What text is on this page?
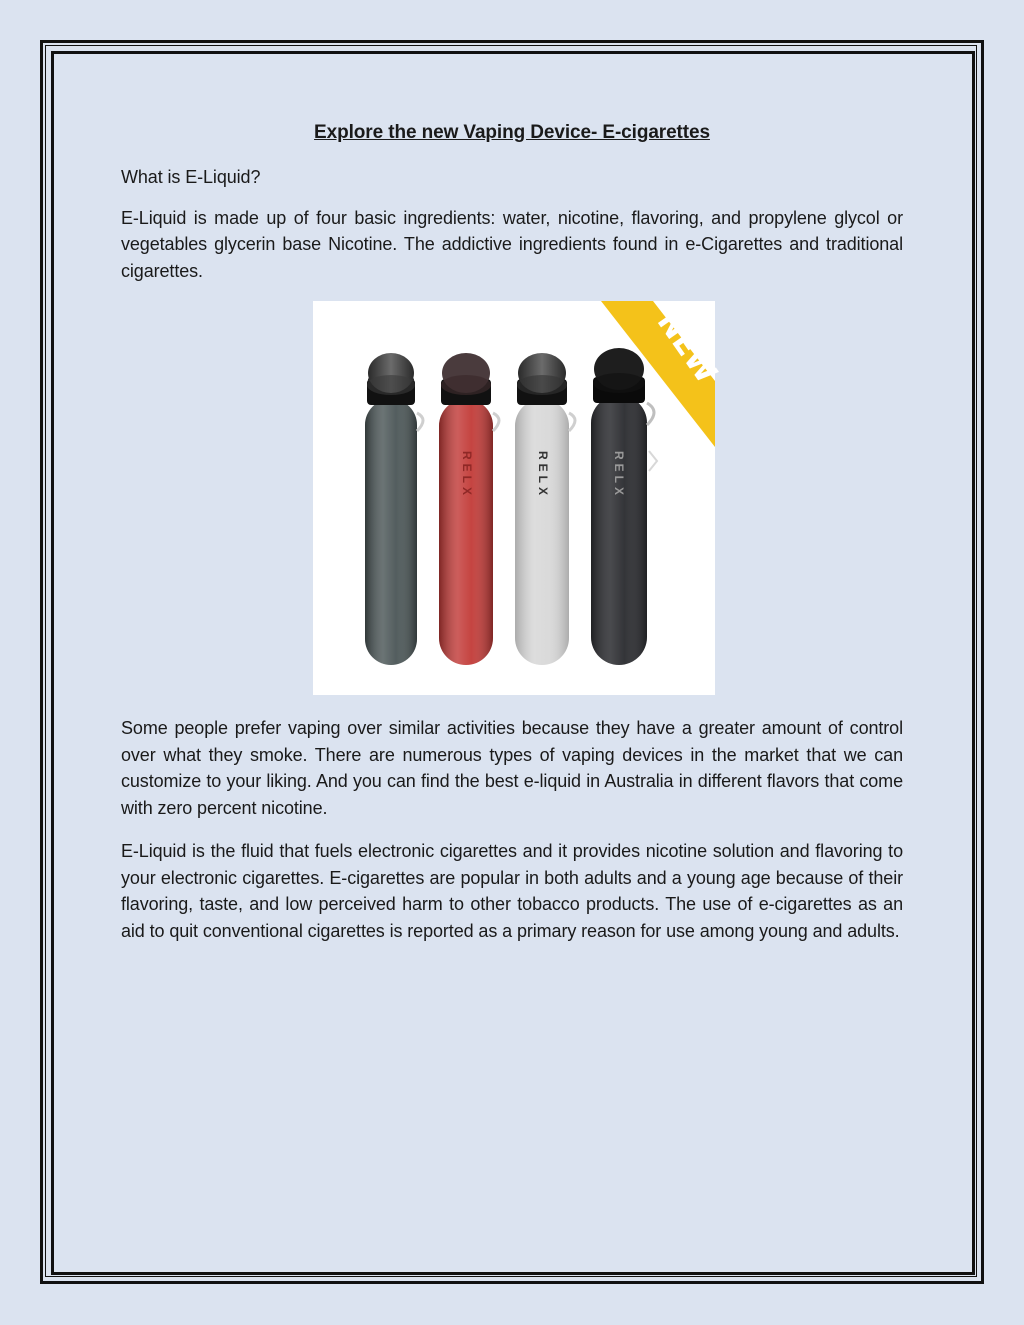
Explore the new Vaping Device- E-cigarettes

What is E-Liquid?

E-Liquid is made up of four basic ingredients: water, nicotine, flavoring, and propylene glycol or vegetables glycerin base Nicotine. The addictive ingredients found in e-Cigarettes and traditional cigarettes.

NEW
RELX	RELX	RELX

Some people prefer vaping over similar activities because they have a greater amount of control over what they smoke. There are numerous types of vaping devices in the market that we can customize to your liking. And you can find the best e-liquid in Australia in different flavors that come with zero percent nicotine.

E-Liquid is the fluid that fuels electronic cigarettes and it provides nicotine solution and flavoring to your electronic cigarettes. E-cigarettes are popular in both adults and a young age because of their flavoring, taste, and low perceived harm to other tobacco products. The use of e-cigarettes as an aid to quit conventional cigarettes is reported as a primary reason for use among young and adults.
